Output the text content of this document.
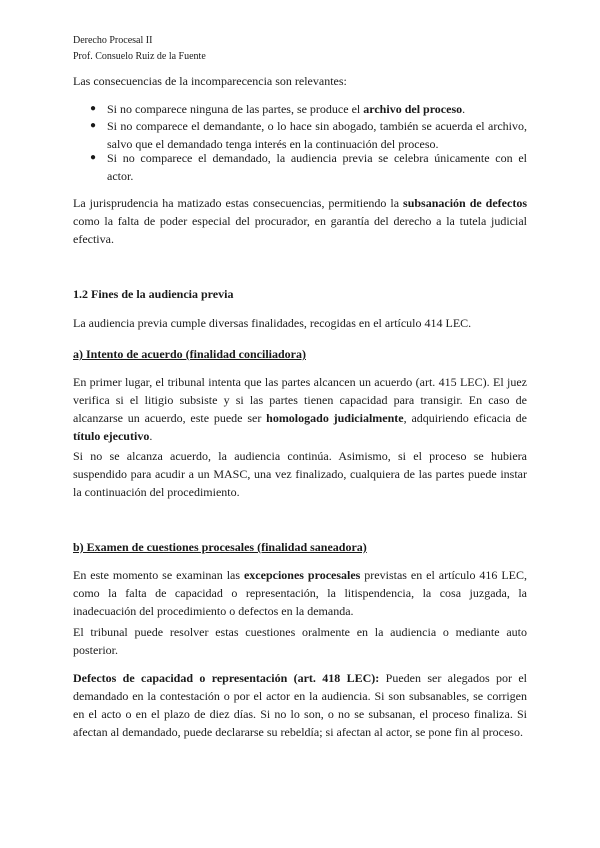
Derecho Procesal II
Prof. Consuelo Ruiz de la Fuente
Las consecuencias de la incomparecencia son relevantes:
● Si no comparece ninguna de las partes, se produce el archivo del proceso.
● Si no comparece el demandante, o lo hace sin abogado, también se acuerda el archivo,
salvo que el demandado tenga interés en la continuación del proceso.
● Si no comparece el demandado, la audiencia previa se celebra únicamente con el
actor.
La jurisprudencia ha matizado estas consecuencias, permitiendo la subsanación de defectos
como la falta de poder especial del procurador, en garantía del derecho a la tutela judicial
efectiva.
1.2 Fines de la audiencia previa
La audiencia previa cumple diversas finalidades, recogidas en el artículo 414 LEC.
a) Intento de acuerdo (finalidad conciliadora)
En primer lugar, el tribunal intenta que las partes alcancen un acuerdo (art. 415 LEC). El juez
verifica si el litigio subsiste y si las partes tienen capacidad para transigir. En caso de
alcanzarse un acuerdo, este puede ser homologado judicialmente, adquiriendo eficacia de
título ejecutivo.
Si no se alcanza acuerdo, la audiencia continúa. Asimismo, si el proceso se hubiera
suspendido para acudir a un MASC, una vez finalizado, cualquiera de las partes puede instar
la continuación del procedimiento.
b) Examen de cuestiones procesales (finalidad saneadora)
En este momento se examinan las excepciones procesales previstas en el artículo 416 LEC,
como la falta de capacidad o representación, la litispendencia, la cosa juzgada, la
inadecuación del procedimiento o defectos en la demanda.
El tribunal puede resolver estas cuestiones oralmente en la audiencia o mediante auto
posterior.
Defectos de capacidad o representación (art. 418 LEC): Pueden ser alegados por el
demandado en la contestación o por el actor en la audiencia. Si son subsanables, se corrigen
en el acto o en el plazo de diez días. Si no lo son, o no se subsanan, el proceso finaliza. Si
afectan al demandado, puede declararse su rebeldía; si afectan al actor, se pone fin al proceso.
